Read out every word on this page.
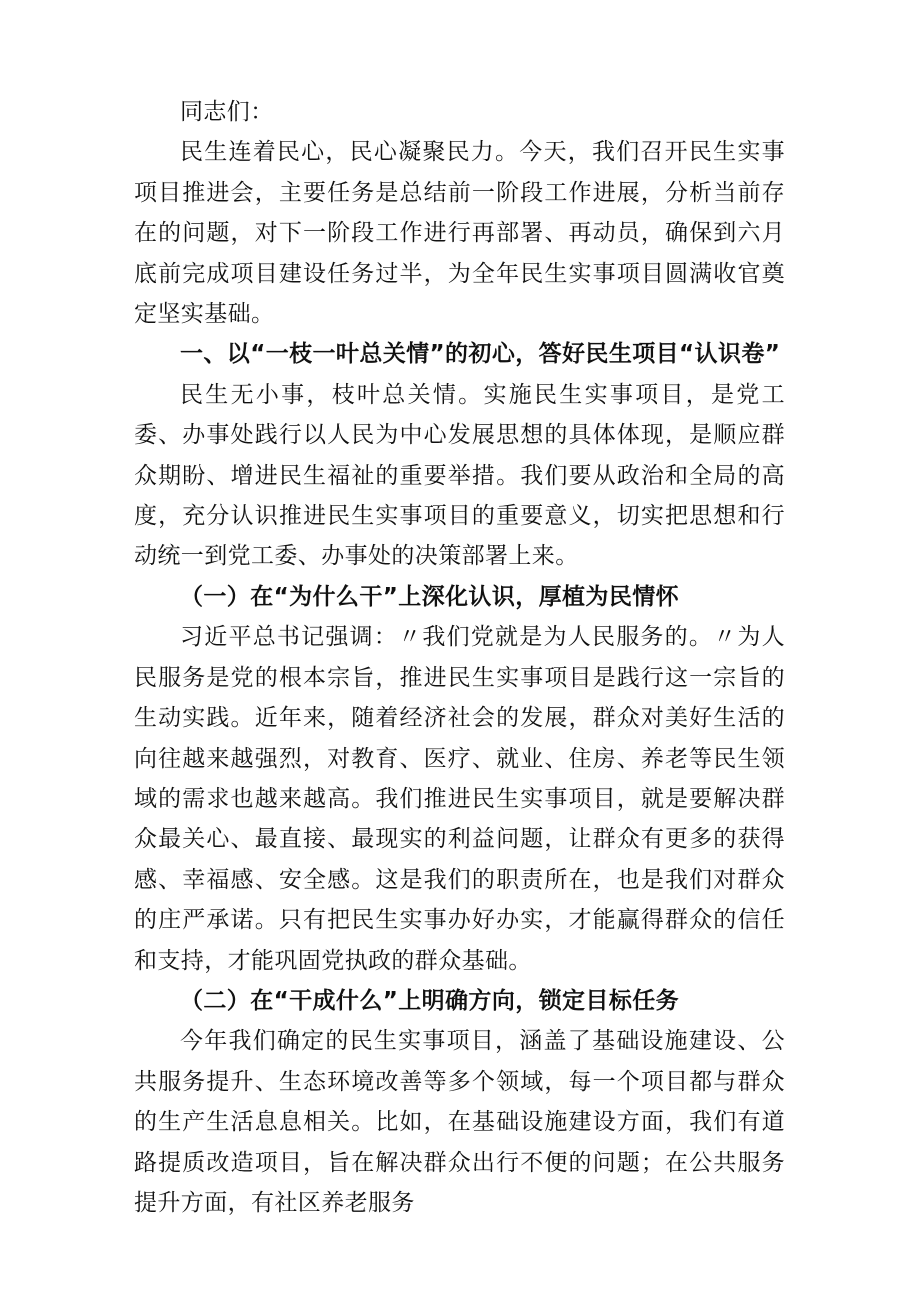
同志们：

民生连着民心，民心凝聚民力。今天，我们召开民生实事项目推进会，主要任务是总结前一阶段工作进展，分析当前存在的问题，对下一阶段工作进行再部署、再动员，确保到六月底前完成项目建设任务过半，为全年民生实事项目圆满收官奠定坚实基础。

一、以“一枝一叶总关情”的初心，答好民生项目“认识卷”

民生无小事，枝叶总关情。实施民生实事项目，是党工委、办事处践行以人民为中心发展思想的具体体现，是顺应群众期盼、增进民生福祉的重要举措。我们要从政治和全局的高度，充分认识推进民生实事项目的重要意义，切实把思想和行动统一到党工委、办事处的决策部署上来。

（一）在“为什么干”上深化认识，厚植为民情怀

习近平总书记强调：〃我们党就是为人民服务的。〃为人民服务是党的根本宗旨，推进民生实事项目是践行这一宗旨的生动实践。近年来，随着经济社会的发展，群众对美好生活的向往越来越强烈，对教育、医疗、就业、住房、养老等民生领域的需求也越来越高。我们推进民生实事项目，就是要解决群众最关心、最直接、最现实的利益问题，让群众有更多的获得感、幸福感、安全感。这是我们的职责所在，也是我们对群众的庄严承诺。只有把民生实事办好办实，才能赢得群众的信任和支持，才能巩固党执政的群众基础。

（二）在“干成什么”上明确方向，锁定目标任务

今年我们确定的民生实事项目，涵盖了基础设施建设、公共服务提升、生态环境改善等多个领域，每一个项目都与群众的生产生活息息相关。比如，在基础设施建设方面，我们有道路提质改造项目，旨在解决群众出行不便的问题；在公共服务提升方面，有社区养老服务
